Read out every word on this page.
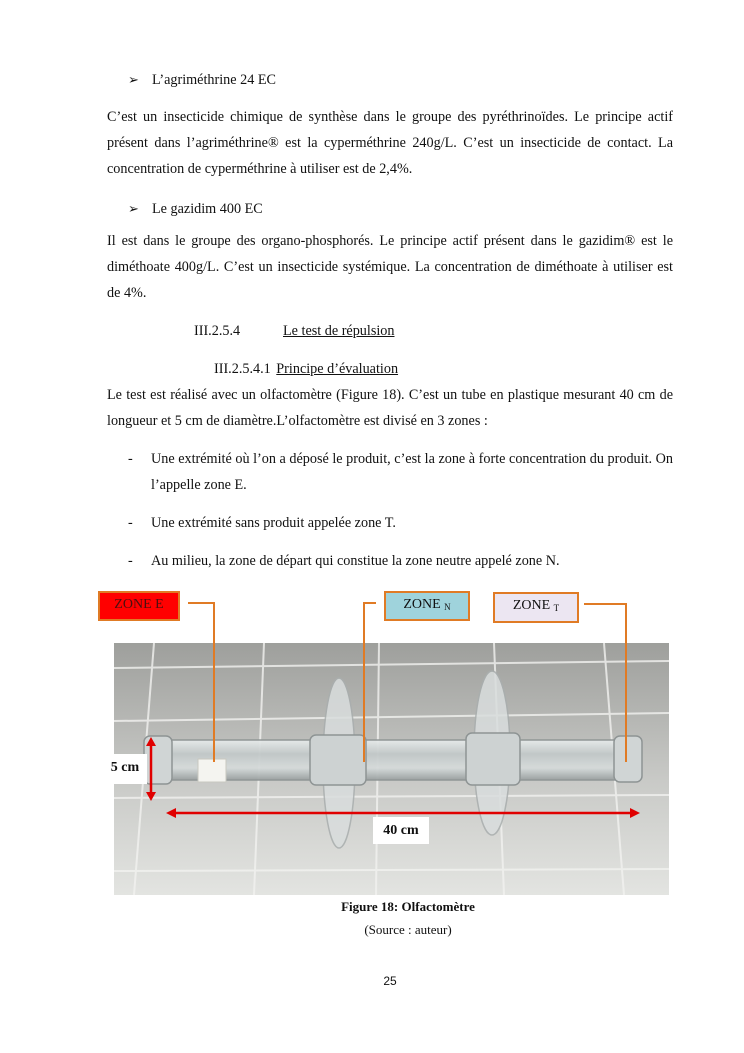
➢ L’agriméthrine 24 EC
C’est un insecticide chimique de synthèse dans le groupe des pyréthrinoïdes. Le principe actif présent dans l’agriméthrine® est la cyperméthrine 240g/L. C’est un insecticide de contact. La concentration de cyperméthrine à utiliser est de 2,4%.
➢ Le gazidim 400 EC
Il est dans le groupe des organo-phosphorés. Le principe actif présent dans le gazidim® est le diméthoate 400g/L. C’est un insecticide systémique. La concentration de diméthoate à utiliser est de 4%.
III.2.5.4	Le test de répulsion
III.2.5.4.1 Principe d’évaluation
Le test est réalisé avec un olfactomètre (Figure 18). C’est un tube en plastique mesurant 40 cm de longueur et 5 cm de diamètre.L’olfactomètre est divisé en 3 zones :
- Une extrémité où l’on a déposé le produit, c’est la zone à forte concentration du produit. On l’appelle zone E.
- Une extrémité sans produit appelée zone T.
- Au milieu, la zone de départ qui constitue la zone neutre appelé zone N.
ZONE E	ZONE $_N$	ZONE $_T$
5 cm
40 cm
Figure 18: Olfactomètre
(Source : auteur)
25
